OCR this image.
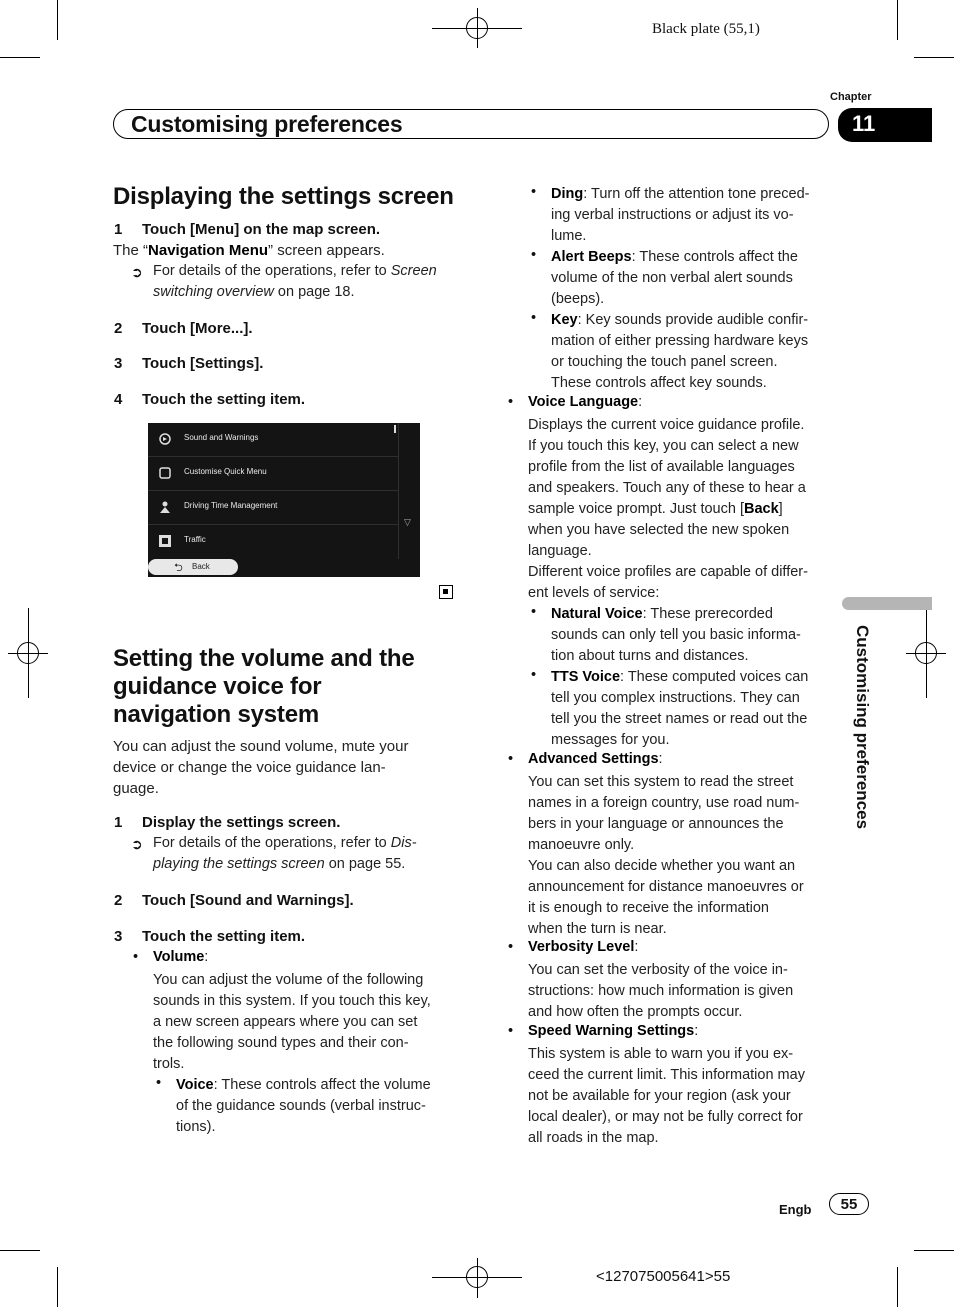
Black plate (55,1)
Chapter
Customising preferences	11
Customising preferences
Displaying the settings screen
1 Touch [Menu] on the map screen.
The “Navigation Menu” screen appears.
➲ For details of the operations, refer to Screen
switching overview on page 18.
2 Touch [More...].
3 Touch [Settings].
4 Touch the setting item.
Sound and Warnings
Customise Quick Menu
Driving Time Management
Traffic
▽
⮌ Back
Setting the volume and the
guidance voice for
navigation system
You can adjust the sound volume, mute your
device or change the voice guidance lan-
guage.
1 Display the settings screen.
➲ For details of the operations, refer to Dis-
playing the settings screen on page 55.
2 Touch [Sound and Warnings].
3 Touch the setting item.
• Volume:
You can adjust the volume of the following
sounds in this system. If you touch this key,
a new screen appears where you can set
the following sound types and their con-
trols.
• Voice: These controls affect the volume
of the guidance sounds (verbal instruc-
tions).
• Ding: Turn off the attention tone preced-
ing verbal instructions or adjust its vo-
lume.
• Alert Beeps: These controls affect the
volume of the non verbal alert sounds
(beeps).
• Key: Key sounds provide audible confir-
mation of either pressing hardware keys
or touching the touch panel screen.
These controls affect key sounds.
• Voice Language:
Displays the current voice guidance profile.
If you touch this key, you can select a new
profile from the list of available languages
and speakers. Touch any of these to hear a
sample voice prompt. Just touch [Back]
when you have selected the new spoken
language.
Different voice profiles are capable of differ-
ent levels of service:
• Natural Voice: These prerecorded
sounds can only tell you basic informa-
tion about turns and distances.
• TTS Voice: These computed voices can
tell you complex instructions. They can
tell you the street names or read out the
messages for you.
• Advanced Settings:
You can set this system to read the street
names in a foreign country, use road num-
bers in your language or announces the
manoeuvre only.
You can also decide whether you want an
announcement for distance manoeuvres or
it is enough to receive the information
when the turn is near.
• Verbosity Level:
You can set the verbosity of the voice in-
structions: how much information is given
and how often the prompts occur.
• Speed Warning Settings:
This system is able to warn you if you ex-
ceed the current limit. This information may
not be available for your region (ask your
local dealer), or may not be fully correct for
all roads in the map.
Engb	55
<127075005641>55
